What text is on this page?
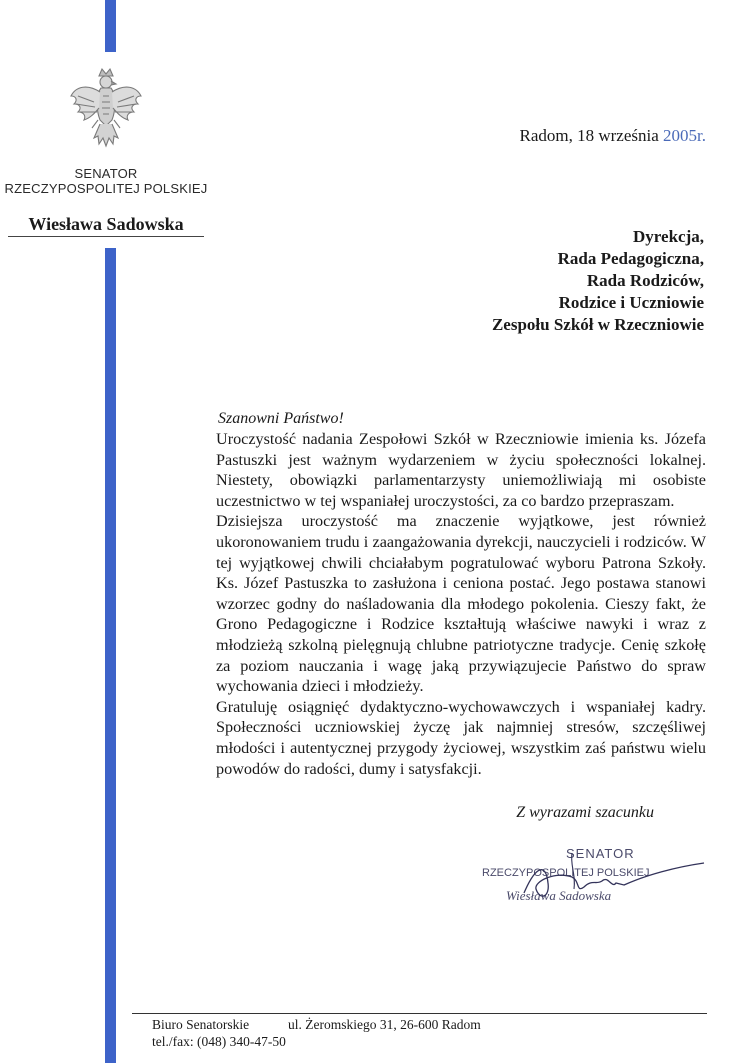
SENATOR
RZECZYPOSPOLITEJ POLSKIEJ
Wiesława Sadowska
Radom, 18 września 2005r.
Dyrekcja,
Rada Pedagogiczna,
Rada Rodziców,
Rodzice i Uczniowie
Zespołu Szkół w Rzeczniowie
Szanowni Państwo!

Uroczystość nadania Zespołowi Szkół w Rzeczniowie imienia ks. Józefa Pastuszki jest ważnym wydarzeniem w życiu społeczności lokalnej. Niestety, obowiązki parlamentarzysty uniemożliwiają mi osobiste uczestnictwo w tej wspaniałej uroczystości, za co bardzo przepraszam.

Dzisiejsza uroczystość ma znaczenie wyjątkowe, jest również ukoronowaniem trudu i zaangażowania dyrekcji, nauczycieli i rodziców. W tej wyjątkowej chwili chciałabym pogratulować wyboru Patrona Szkoły. Ks. Józef Pastuszka to zasłużona i ceniona postać. Jego postawa stanowi wzorzec godny do naśladowania dla młodego pokolenia. Cieszy fakt, że Grono Pedagogiczne i Rodzice kształtują właściwe nawyki i wraz z młodzieżą szkolną pielęgnują chlubne patriotyczne tradycje. Cenię szkołę za poziom nauczania i wagę jaką przywiązujecie Państwo do spraw wychowania dzieci i młodzieży.

Gratuluję osiągnięć dydaktyczno-wychowawczych i wspaniałej kadry. Społeczności uczniowskiej życzę jak najmniej stresów, szczęśliwej młodości i autentycznej przygody życiowej, wszystkim zaś państwu wielu powodów do radości, dumy i satysfakcji.

Z wyrazami szacunku
SENATOR
RZECZYPOSPOLITEJ POLSKIEJ
Wiesława Sadowska
Biuro Senatorskie	ul. Żeromskiego 31, 26-600 Radom
tel./fax: (048) 340-47-50
